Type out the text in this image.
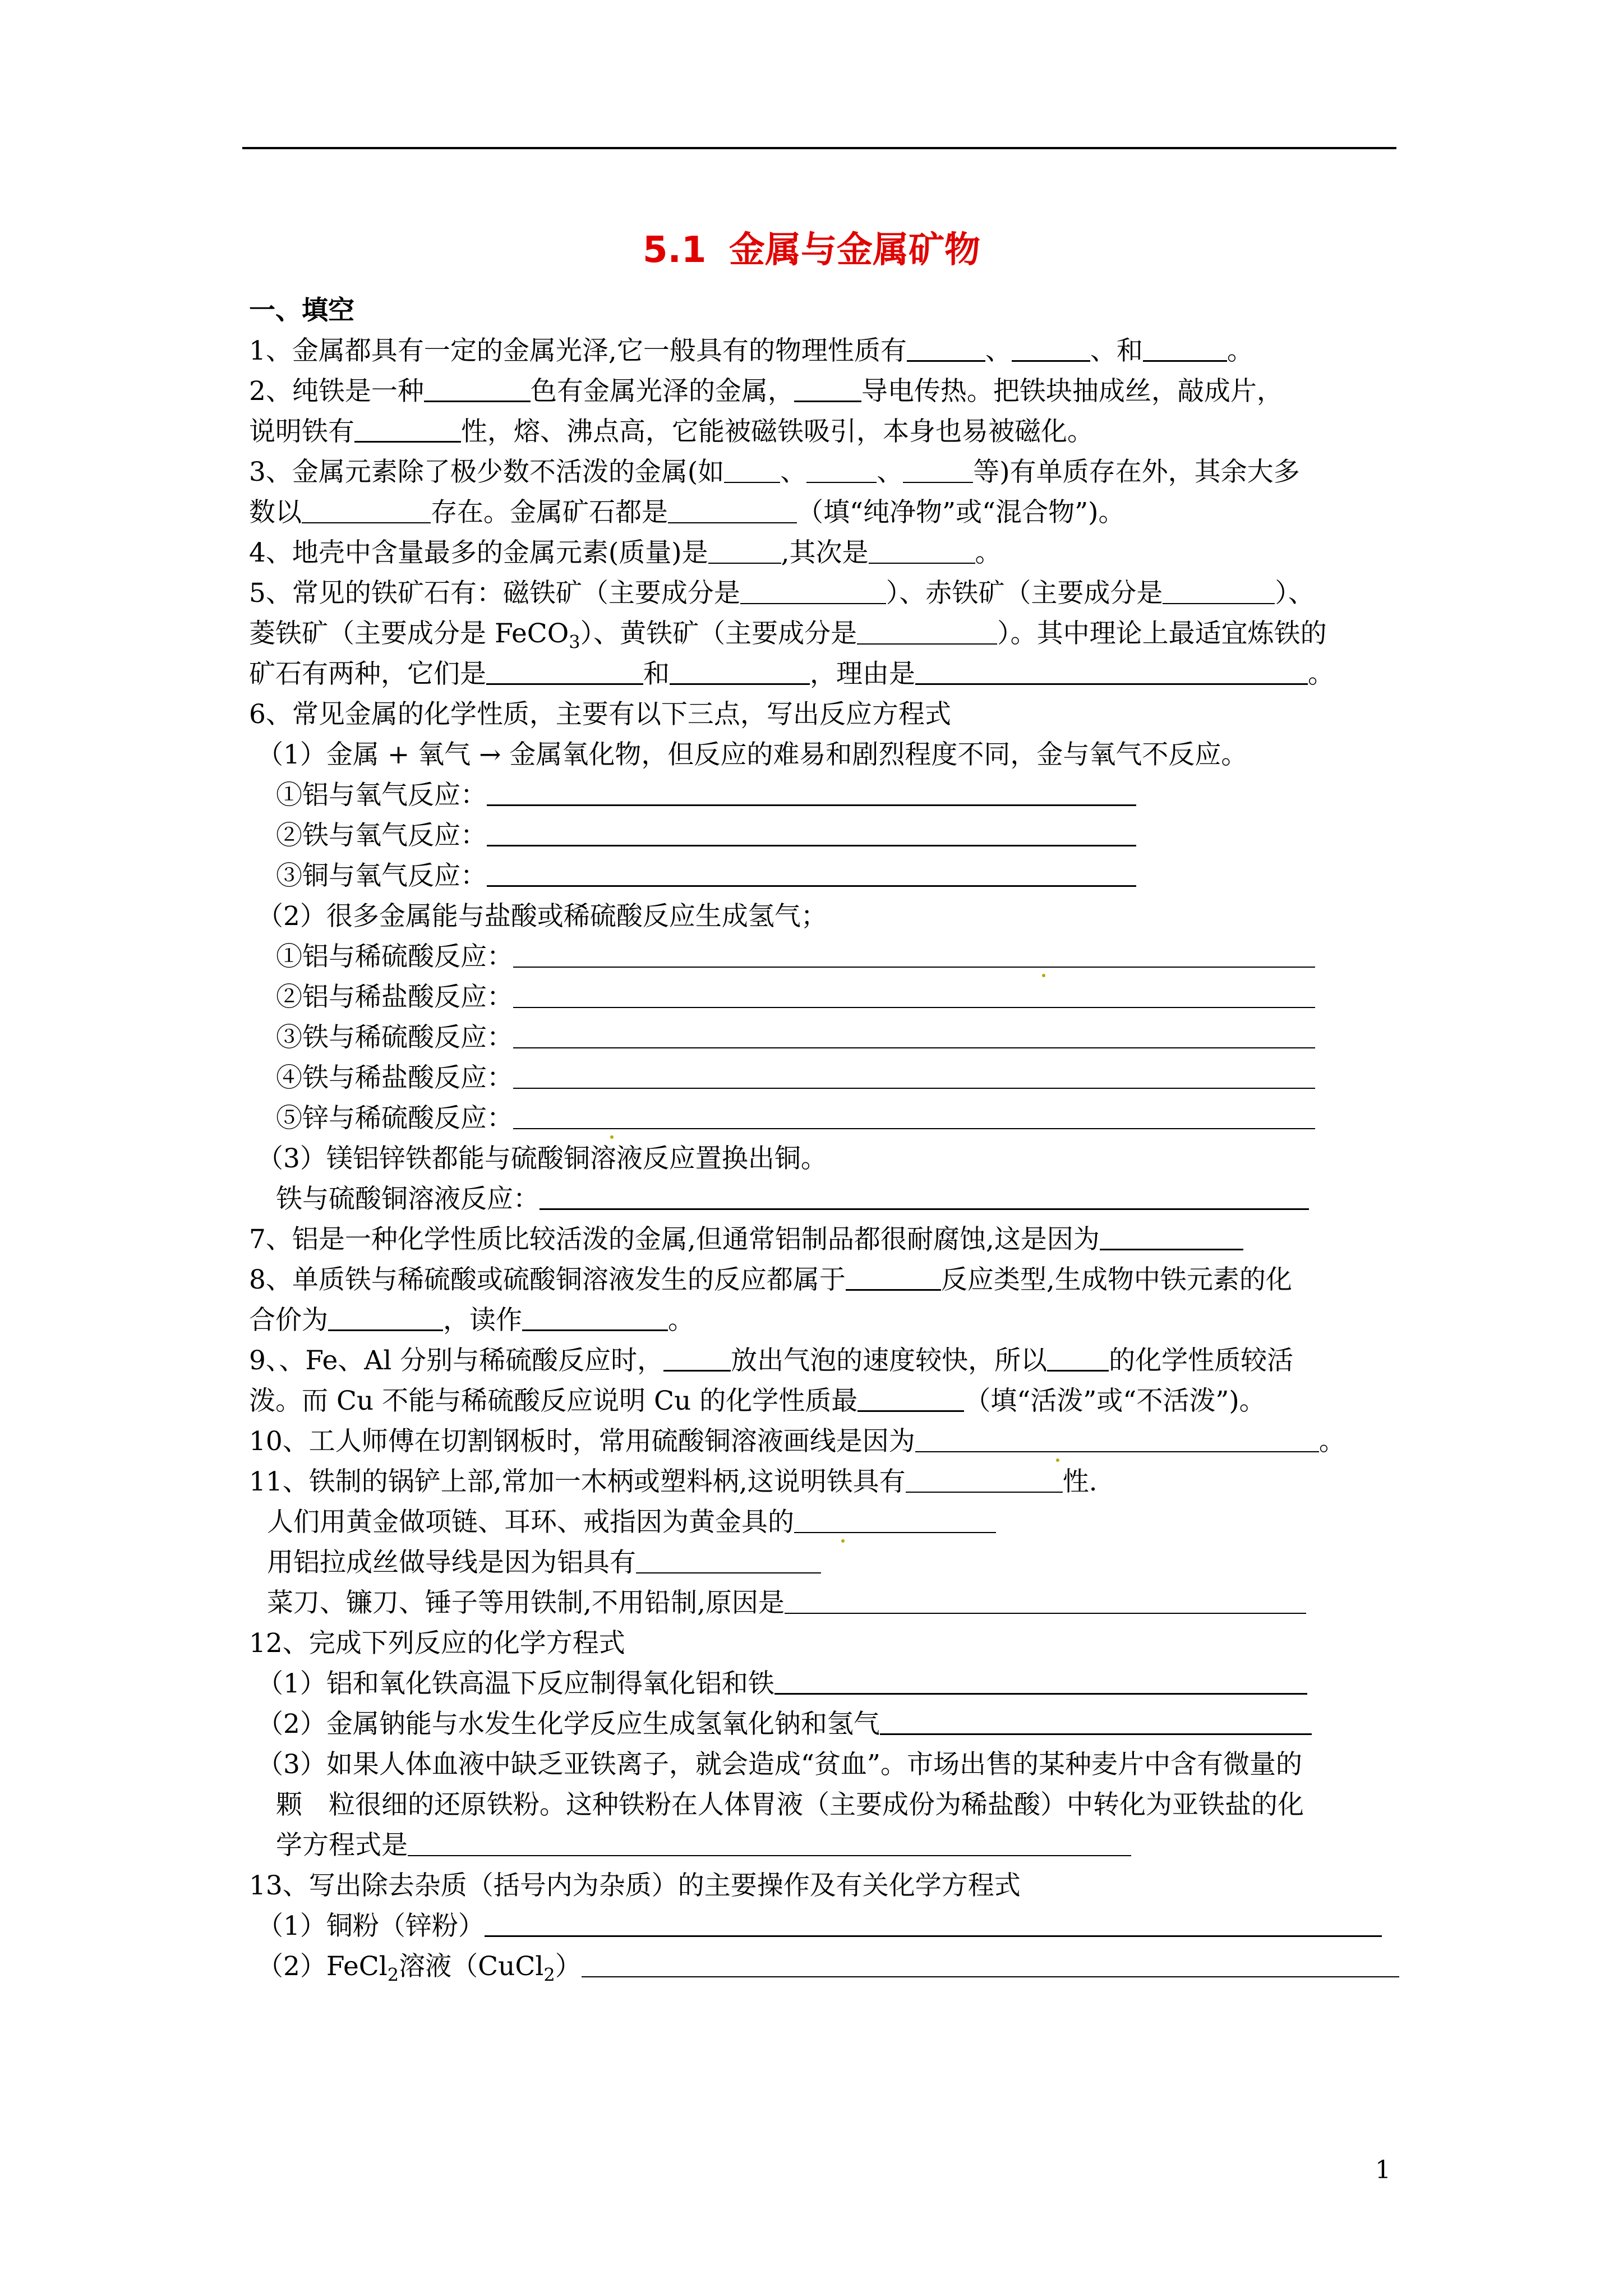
5.1 金属与金属矿物
一、填空
1、金属都具有一定的金属光泽,它一般具有的物理性质有	、	、和	。
2、纯铁是一种	色有金属光泽的金属，	导电传热。把铁块抽成丝，敲成片，
说明铁有	性，熔、沸点高，它能被磁铁吸引，本身也易被磁化。
3、金属元素除了极少数不活泼的金属(如 、	、	等)有单质存在外，其余大多
数以	存在。金属矿石都是	（填“纯净物”或“混合物”)。
4、地壳中含量最多的金属元素(质量)是	,其次是	。
5、常见的铁矿石有：磁铁矿（主要成分是	）、赤铁矿（主要成分是	）、
菱铁矿（主要成分是 FeCO$_3$）、黄铁矿（主要成分是	）。其中理论上最适宜炼铁的
矿石有两种，它们是	和	，理由是	。
6、常见金属的化学性质，主要有以下三点，写出反应方程式
（1）金属 + 氧气 → 金属氧化物，但反应的难易和剧烈程度不同，金与氧气不反应。
①铝与氧气反应：
②铁与氧气反应：
③铜与氧气反应：
（2）很多金属能与盐酸或稀硫酸反应生成氢气；
①铝与稀硫酸反应：
②铝与稀盐酸反应：
③铁与稀硫酸反应：
④铁与稀盐酸反应：
⑤锌与稀硫酸反应：
（3）镁铝锌铁都能与硫酸铜溶液反应置换出铜。
铁与硫酸铜溶液反应：
7、铝是一种化学性质比较活泼的金属,但通常铝制品都很耐腐蚀,这是因为
8、单质铁与稀硫酸或硫酸铜溶液发生的反应都属于	反应类型,生成物中铁元素的化
合价为	，读作	。
9、、Fe、Al 分别与稀硫酸反应时，	放出气泡的速度较快，所以 的化学性质较活
泼。而 Cu 不能与稀硫酸反应说明 Cu 的化学性质最	（填“活泼”或“不活泼”)。
10、工人师傅在切割钢板时，常用硫酸铜溶液画线是因为	。
11、铁制的锅铲上部,常加一木柄或塑料柄,这说明铁具有	性.
人们用黄金做项链、耳环、戒指因为黄金具的
用铝拉成丝做导线是因为铝具有
菜刀、镰刀、锤子等用铁制,不用铅制,原因是
12、完成下列反应的化学方程式
（1）铝和氧化铁高温下反应制得氧化铝和铁
（2）金属钠能与水发生化学反应生成氢氧化钠和氢气
（3）如果人体血液中缺乏亚铁离子，就会造成“贫血”。市场出售的某种麦片中含有微量的
颗　粒很细的还原铁粉。这种铁粉在人体胃液（主要成份为稀盐酸）中转化为亚铁盐的化
学方程式是
13、写出除去杂质（括号内为杂质）的主要操作及有关化学方程式
（1）铜粉（锌粉）
（2）FeCl$_2$溶液（CuCl$_2$）
1
